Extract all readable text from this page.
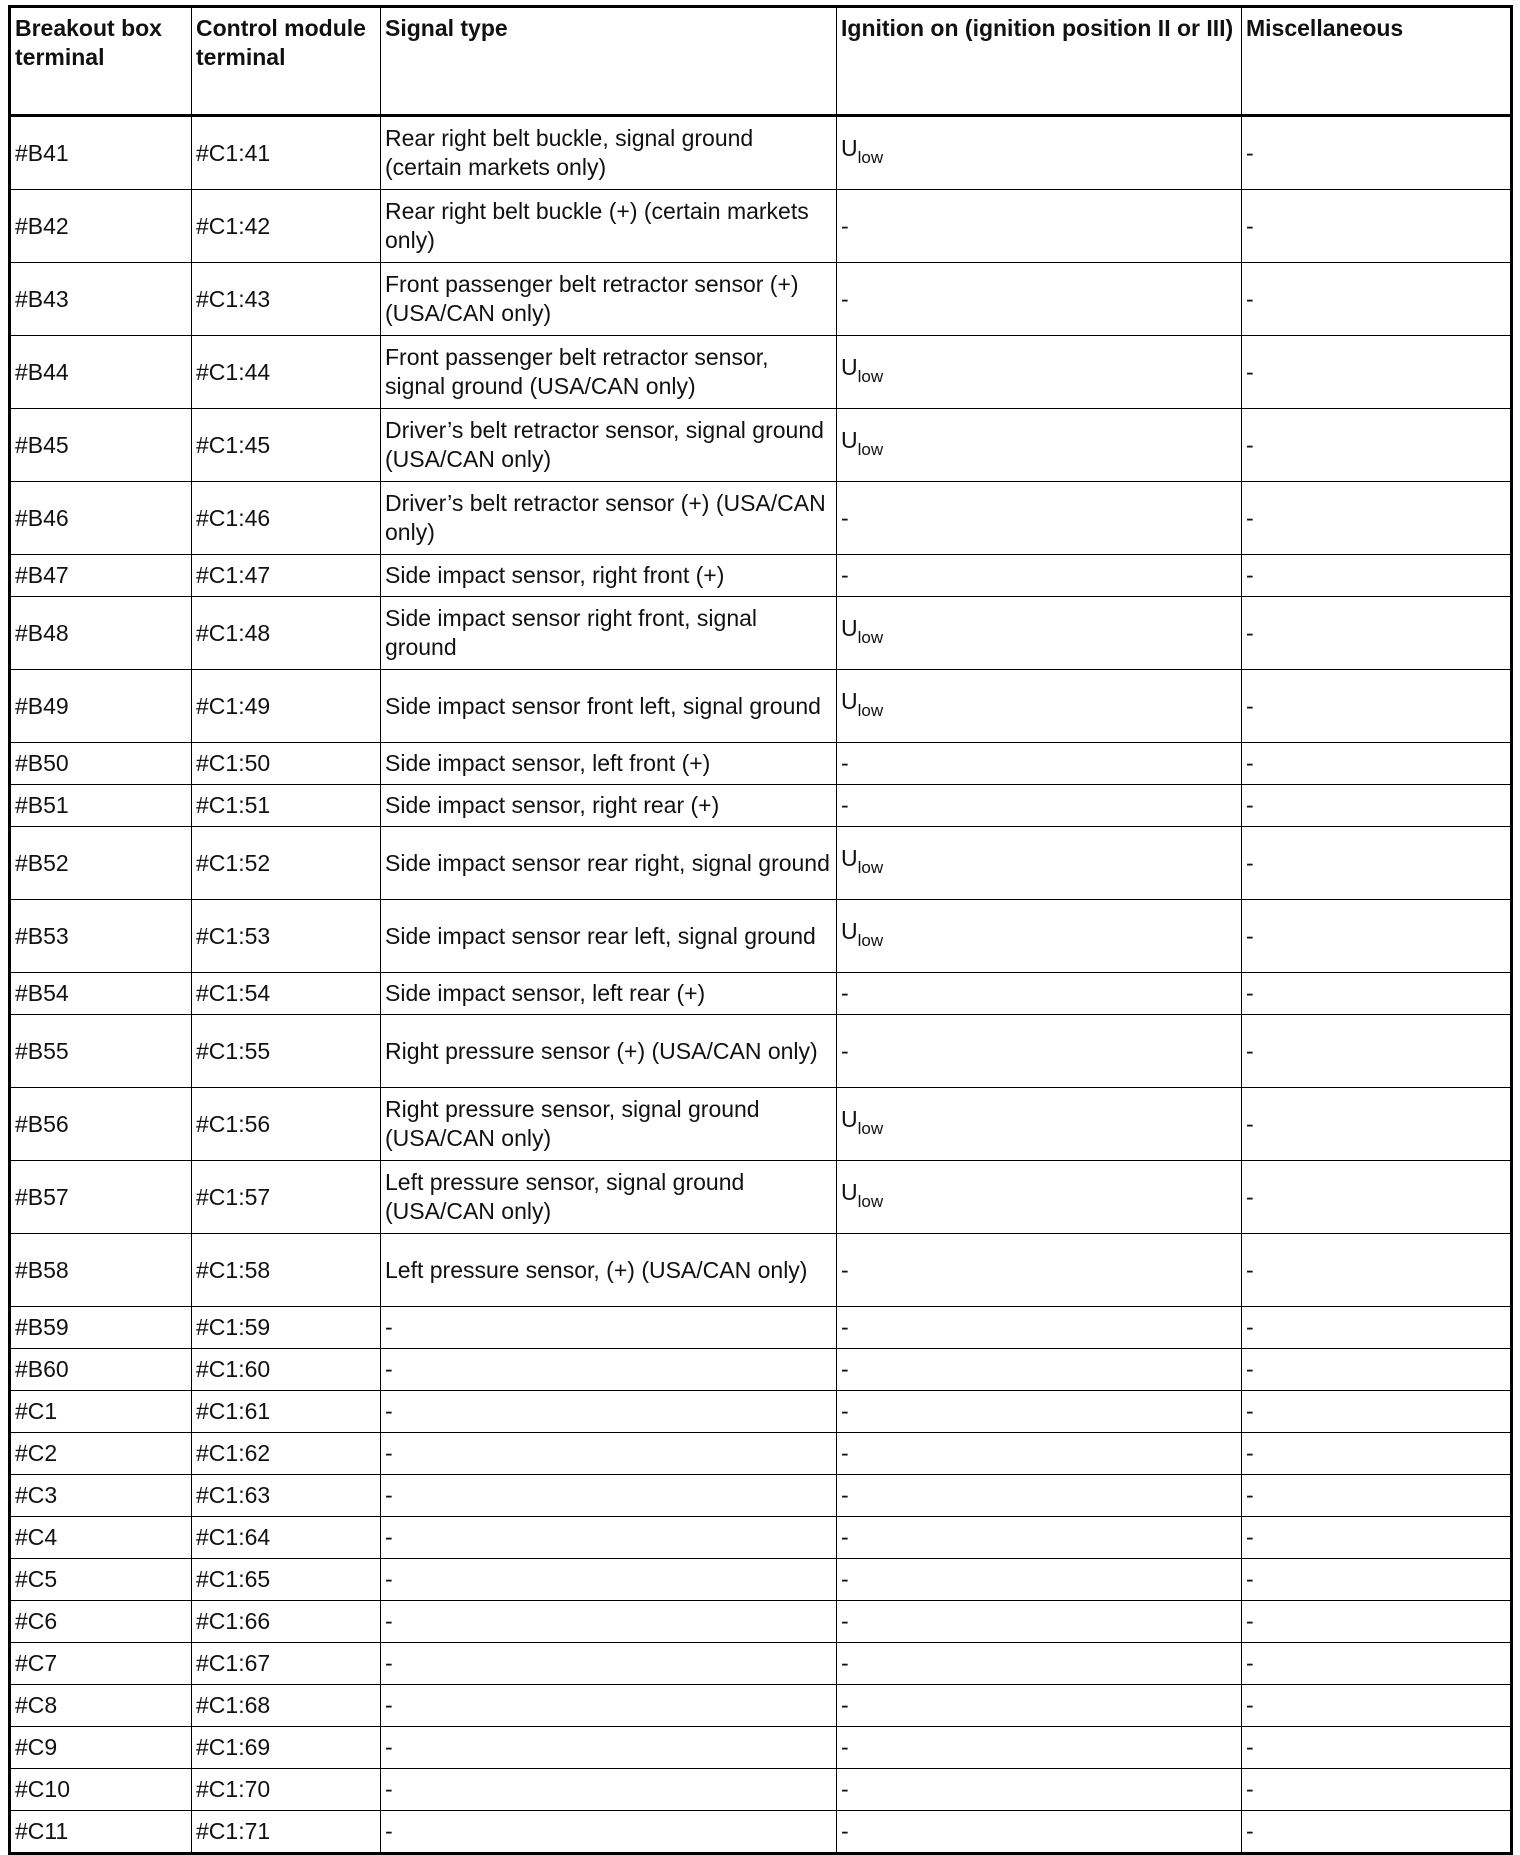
Breakout box terminal	Control module terminal	Signal type	Ignition on (ignition position II or III)	Miscellaneous
#B41	#C1:41	Rear right belt buckle, signal ground (certain markets only)	$U_{low}$	-
#B42	#C1:42	Rear right belt buckle (+) (certain markets only)	-	-
#B43	#C1:43	Front passenger belt retractor sensor (+) (USA/CAN only)	-	-
#B44	#C1:44	Front passenger belt retractor sensor, signal ground (USA/CAN only)	$U_{low}$	-
#B45	#C1:45	Driver’s belt retractor sensor, signal ground (USA/CAN only)	$U_{low}$	-
#B46	#C1:46	Driver’s belt retractor sensor (+) (USA/CAN only)	-	-
#B47	#C1:47	Side impact sensor, right front (+)	-	-
#B48	#C1:48	Side impact sensor right front, signal ground	$U_{low}$	-
#B49	#C1:49	Side impact sensor front left, signal ground	$U_{low}$	-
#B50	#C1:50	Side impact sensor, left front (+)	-	-
#B51	#C1:51	Side impact sensor, right rear (+)	-	-
#B52	#C1:52	Side impact sensor rear right, signal ground	$U_{low}$	-
#B53	#C1:53	Side impact sensor rear left, signal ground	$U_{low}$	-
#B54	#C1:54	Side impact sensor, left rear (+)	-	-
#B55	#C1:55	Right pressure sensor (+) (USA/CAN only)	-	-
#B56	#C1:56	Right pressure sensor, signal ground (USA/CAN only)	$U_{low}$	-
#B57	#C1:57	Left pressure sensor, signal ground (USA/CAN only)	$U_{low}$	-
#B58	#C1:58	Left pressure sensor, (+) (USA/CAN only)	-	-
#B59	#C1:59	-	-	-
#B60	#C1:60	-	-	-
#C1	#C1:61	-	-	-
#C2	#C1:62	-	-	-
#C3	#C1:63	-	-	-
#C4	#C1:64	-	-	-
#C5	#C1:65	-	-	-
#C6	#C1:66	-	-	-
#C7	#C1:67	-	-	-
#C8	#C1:68	-	-	-
#C9	#C1:69	-	-	-
#C10	#C1:70	-	-	-
#C11	#C1:71	-	-	-
